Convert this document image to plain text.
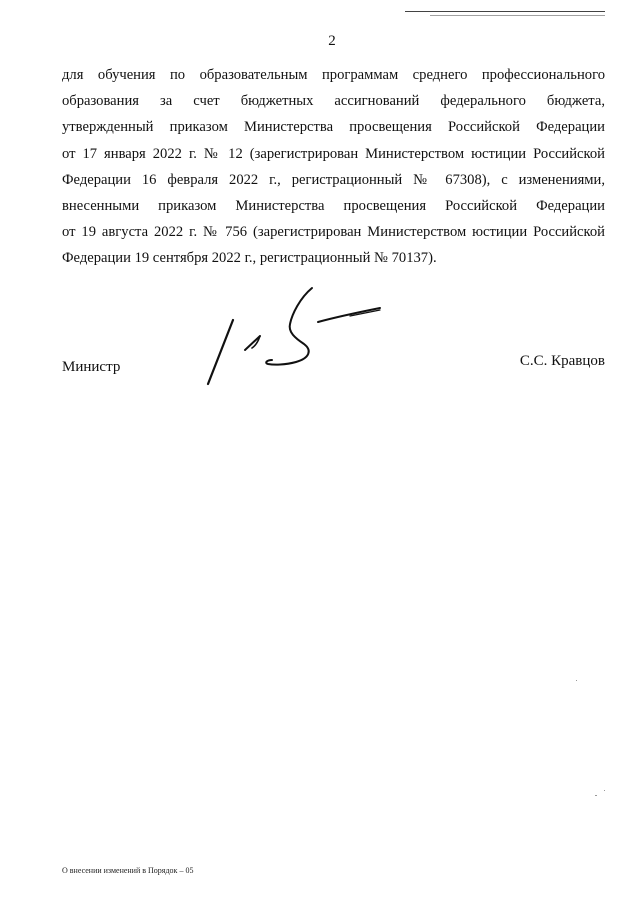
2
для обучения по образовательным программам среднего профессионального
образования за счет бюджетных ассигнований федерального бюджета,
утвержденный приказом Министерства просвещения Российской Федерации
от 17 января 2022 г. № 12 (зарегистрирован Министерством юстиции Российской
Федерации 16 февраля 2022 г., регистрационный № 67308), с изменениями,
внесенными приказом Министерства просвещения Российской Федерации
от 19 августа 2022 г. № 756 (зарегистрирован Министерством юстиции Российской
Федерации 19 сентября 2022 г., регистрационный № 70137).
Министр	С.С. Кравцов
О внесении изменений в Порядок – 05
